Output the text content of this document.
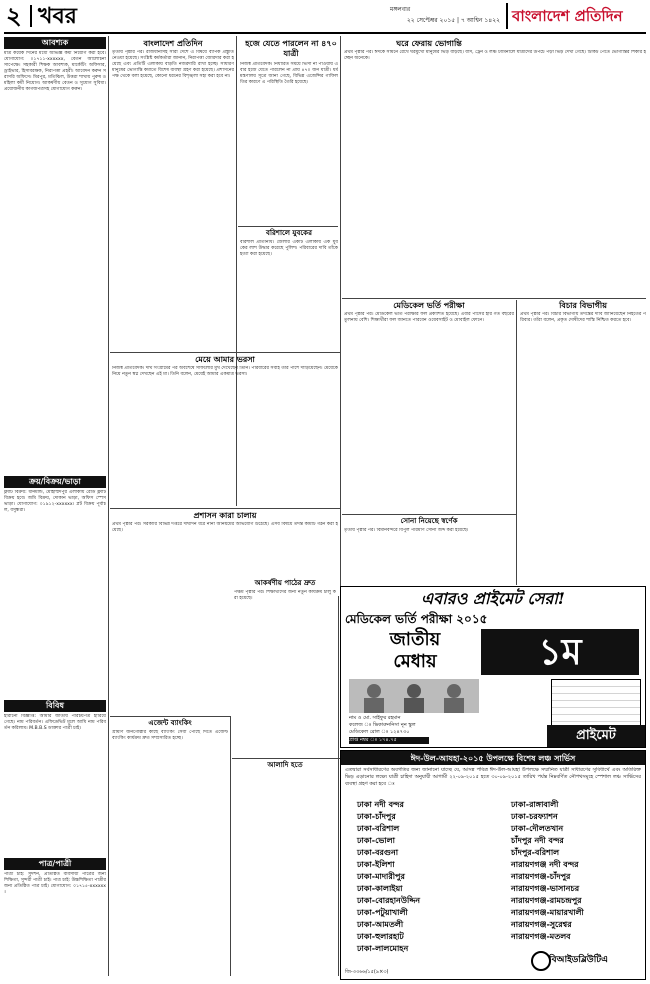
২ খবর	মঙ্গলবার
২২ সেপ্টেম্বর ২০১৫ | ৭ আশ্বিন ১৪২২ বাংলাদেশ প্রতিদিন
আবশ্যক
মাত্র কয়েক দিনের মধ্যে অভিজ্ঞ কর্মী নিয়োগ করা হবে। যোগাযোগ: ০১৭১১-xxxxxx, বেতন আলোচনা সাপেক্ষে। সহকারী শিক্ষক আবশ্যক, মার্কেটিং অফিসার, ড্রাইভার, হিসাবরক্ষক, নিরাপত্তা প্রহরী। আবেদন করুন সরাসরি অফিসে। মিরপুর, মতিঝিল, উত্তরা শাখায় পুরুষ ও মহিলা কর্মী নিয়োগ। আকর্ষণীয় বেতন ও সুযোগ সুবিধা। প্রয়োজনীয় কাগজপত্রসহ যোগাযোগ করুন।
ক্রয়/বিক্রয়/ভাড়া
ফ্ল্যাট বিক্রয়: ধানমন্ডি, মোহাম্মদপুর এলাকায় রেডি ফ্ল্যাট বিক্রয় হবে। জমি বিক্রয়, দোকান ভাড়া, অফিস স্পেস ভাড়া। যোগাযোগ: ০১৯১২-xxxxxx। প্লট বিক্রয় পূর্বাচল, বসুন্ধরা।
বিবিধ
হারানো বিজ্ঞপ্তি: আমার জাতীয় পরিচয়পত্র হারিয়ে গেছে। নাম পরিবর্তন। এফিডেভিট মূলে আমি নাম পরিবর্তন করিলাম। M.B.B.S ডাক্তার পাত্রী চাই।
পাত্র/পাত্রী
পাত্রী চাই: সুদর্শন, প্রতিষ্ঠিত ব্যবসায়ী পাত্রের জন্য শিক্ষিতা, সুন্দরী পাত্রী চাই। পাত্র চাই: উচ্চশিক্ষিতা পাত্রীর জন্য প্রতিষ্ঠিত পাত্র চাই। যোগাযোগ: ০১৭১৫-xxxxxx।
বাংলাদেশ প্রতিদিন
তৃতীয় পৃষ্ঠার পর। রাজধানীসহ সারা দেশে এ বিষয়ে ব্যাপক প্রস্তুতি নেওয়া হয়েছে। সংশ্লিষ্ট কর্মকর্তারা জানান, নিরাপত্তা জোরদার করা হয়েছে এবং প্রতিটি এলাকায় বাড়তি নজরদারি রাখা হচ্ছে। সাধারণ মানুষের ভোগান্তি কমাতে বিশেষ ব্যবস্থা গ্রহণ করা হয়েছে। প্রশাসনের পক্ষ থেকে বলা হয়েছে, কোনো ধরনের বিশৃঙ্খলা সহ্য করা হবে না।
মেয়ে আমার ভরসা
নিজস্ব প্রতিবেদক। দীর্ঘ সংগ্রামের পর অবশেষে সাফল্যের মুখ দেখেছেন তিনি। পরিবারের সবাই তাঁর পাশে দাঁড়িয়েছেন। মেয়েকে নিয়ে নতুন স্বপ্ন দেখছেন এই মা। তিনি বলেন, মেয়েই আমার একমাত্র ভরসা।
প্রশাসন কারা চালায়
প্রথম পৃষ্ঠার পর। সরকারি বিভিন্ন দপ্তরে দীর্ঘদিন ধরে নানা অনিয়মের অভিযোগ উঠেছে। এসব বিষয়ে তদন্ত কমিটি গঠন করা হয়েছে।
এজেন্ট ব্যাংকিং
গ্রামীণ জনগোষ্ঠীর কাছে ব্যাংকিং সেবা পৌঁছে দিতে এজেন্ট ব্যাংকিং কার্যক্রম দ্রুত সম্প্রসারিত হচ্ছে।
হজে যেতে পারলেন না ৪৭০ যাত্রী
নিজস্ব প্রতিবেদক। নির্ধারিত সময়ে ভিসা না পাওয়ায় এবার হজে যেতে পারলেন না প্রায় ৪৭০ জন যাত্রী। ধর্ম মন্ত্রণালয় সূত্রে জানা গেছে, বিভিন্ন এজেন্সির গাফিলতির কারণে এ পরিস্থিতি তৈরি হয়েছে।
বরিশালে যুবকের
বরিশাল প্রতিনিধি। জেলার একটি এলাকায় এক যুবকের লাশ উদ্ধার করেছে পুলিশ। পরিবারের দাবি তাঁকে হত্যা করা হয়েছে।
আকর্ষণীয় পাঠের দ্রুত
পঞ্চম পৃষ্ঠার পর। শিক্ষার্থীদের জন্য নতুন কার্যক্রম চালু করা হয়েছে।
আলাদি হতে
ঘরে ফেরায় ভোগান্তি
প্রথম পৃষ্ঠার পর। ঈদকে সামনে রেখে ঘরমুখো মানুষের ভিড় বাড়ছে। বাস, ট্রেন ও লঞ্চ টার্মিনালে যাত্রীদের উপচে পড়া ভিড় দেখা গেছে। টিকিট পেতে ভোগান্তির শিকার হচ্ছেন অনেকে।
মেডিকেল ভর্তি পরীক্ষা
প্রথম পৃষ্ঠার পর। মেডিকেল ভর্তি পরীক্ষার ফল প্রকাশিত হয়েছে। এবার পাসের হার গত বছরের তুলনায় বেশি। শিক্ষার্থীরা ফল জানতে পারবেন ওয়েবসাইট ও মোবাইল ফোনে।
সোনা নিয়েছে স্বর্ণেক
তৃতীয় পৃষ্ঠার পর। বিমানবন্দরে বিপুল পরিমাণ সোনা জব্দ করা হয়েছে।
বিচার বিভাগীয়
প্রথম পৃষ্ঠার পর। বিচার বিভাগীয় তদন্তের দাবি জানিয়েছেন নিহতের পরিবার। তাঁরা বলেন, প্রকৃত দোষীদের শাস্তি নিশ্চিত করতে হবে।
এবারও প্রাইমেট সেরা!
মেডিকেল ভর্তি পরীক্ষা ২০১৫
জাতীয়
মেধায়	১ম
নাম ও মো. সাইফুর রহমান
কলেজ ঃ ভিকারুননিসা নূন স্কুল
মেডিকেল রোল ঃ ১২৪৭৩০
প্রাপ্ত নম্বর ঃ ১৭৪.৭৫	প্রাইমেট
ঈদ-উল-আযহা-২০১৫ উপলক্ষে বিশেষ লঞ্চ সার্ভিস
এতদ্বারা সর্বসাধারণের অবগতির জন্য জানানো যাচ্ছে যে, আসন্ন পবিত্র ঈদ-উল-আযহা উপলক্ষে সম্মানিত যাত্রী সাধারণের সুবিধার্থে এবং অতিরিক্ত ভিড় এড়ানোর লক্ষ্যে যাত্রী চাহিদা অনুযায়ী আগামী ২২-০৯-২০১৫ হতে ৩০-০৯-২০১৫ তারিখ পর্যন্ত নিম্নবর্ণিত নৌপথসমূহে স্পেশাল লঞ্চ সার্ভিসের ব্যবস্থা গ্রহণ করা হবে ঃ
ঢাকা নদী বন্দর
ঢাকা-চাঁদপুর
ঢাকা-বরিশাল
ঢাকা-ভোলা
ঢাকা-বরগুনা
ঢাকা-ইলিশা
ঢাকা-মাদারীপুর
ঢাকা-কালাইয়া
ঢাকা-বোরহানউদ্দিন
ঢাকা-পটুয়াখালী
ঢাকা-আমতলী
ঢাকা-হুলারহাট
ঢাকা-লালমোহন
ঢাকা-রাঙ্গাবালী
ঢাকা-চরফ্যাশন
ঢাকা-দৌলতখান
চাঁদপুর নদী বন্দর
চাঁদপুর-বরিশাল
নারায়ণগঞ্জ নদী বন্দর
নারায়ণগঞ্জ-চাঁদপুর
নারায়ণগঞ্জ-ভাসানচর
নারায়ণগঞ্জ-রামচন্দ্রপুর
নারায়ণগঞ্জ-মায়ারখালী
নারায়ণগঞ্জ-সুরেশ্বর
নারায়ণগঞ্জ-মতলব
জি-৩৩৬৬/১৫(৯×৩)
বিআইডব্লিউটিএ
